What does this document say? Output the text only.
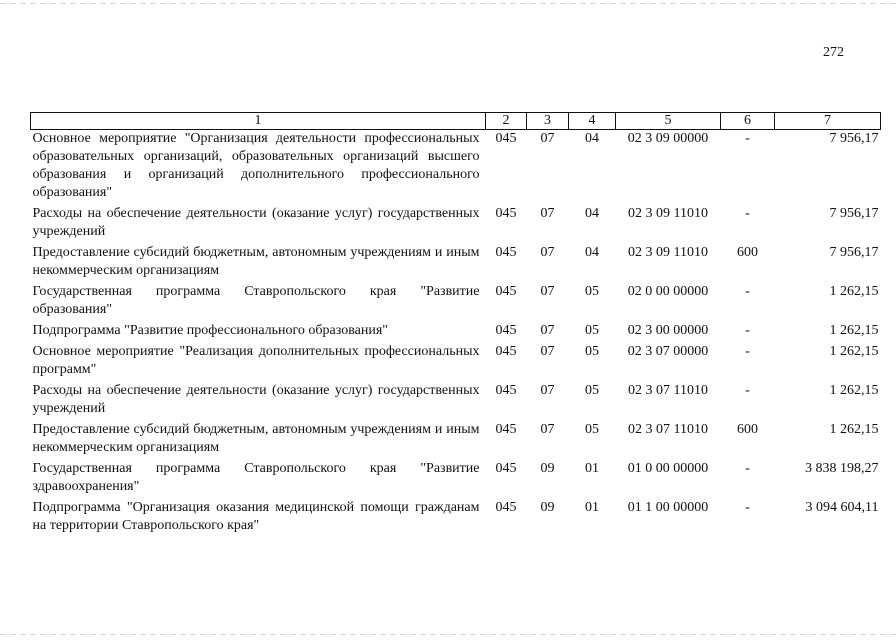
272
1	2	3	4	5	6	7
Основное мероприятие "Организация деятельности профессиональных образовательных организаций, образовательных организаций высшего образования и организаций дополнительного профессионального образования"	045	07	04	02 3 09 00000	-	7 956,17
Расходы на обеспечение деятельности (оказание услуг) государственных учреждений	045	07	04	02 3 09 11010	-	7 956,17
Предоставление субсидий бюджетным, автономным учреждениям и иным некоммерческим организациям	045	07	04	02 3 09 11010	600	7 956,17
Государственная программа Ставропольского края "Развитие образования"	045	07	05	02 0 00 00000	-	1 262,15
Подпрограмма "Развитие профессионального образования"	045	07	05	02 3 00 00000	-	1 262,15
Основное мероприятие "Реализация дополнительных профессиональных программ"	045	07	05	02 3 07 00000	-	1 262,15
Расходы на обеспечение деятельности (оказание услуг) государственных учреждений	045	07	05	02 3 07 11010	-	1 262,15
Предоставление субсидий бюджетным, автономным учреждениям и иным некоммерческим организациям	045	07	05	02 3 07 11010	600	1 262,15
Государственная программа Ставропольского края "Развитие здравоохранения"	045	09	01	01 0 00 00000	-	3 838 198,27
Подпрограмма "Организация оказания медицинской помощи гражданам на территории Ставропольского края"	045	09	01	01 1 00 00000	-	3 094 604,11
